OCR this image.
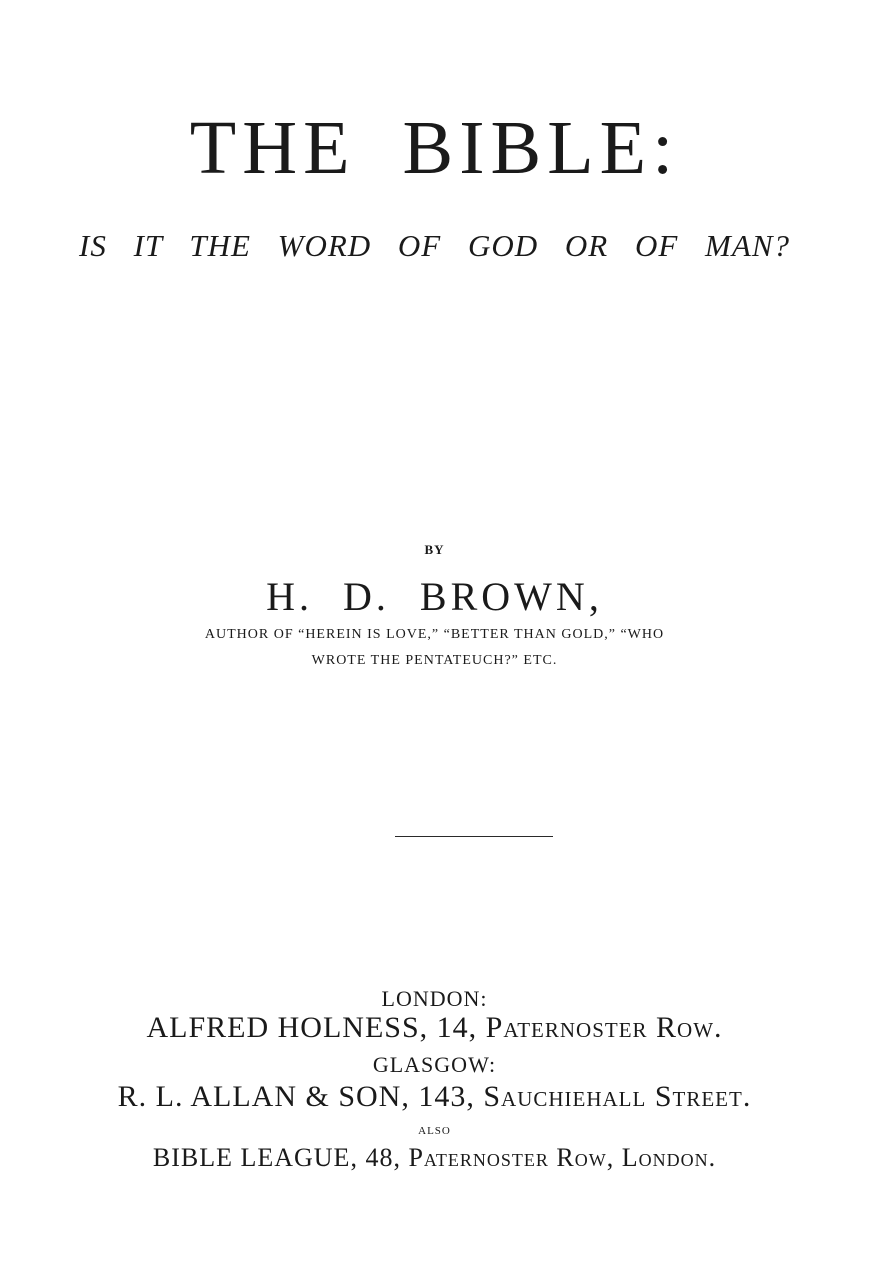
THE BIBLE:
IS IT THE WORD OF GOD OR OF MAN?
BY
H. D. BROWN,
AUTHOR OF “HEREIN IS LOVE,” “BETTER THAN GOLD,” “WHO
WROTE THE PENTATEUCH?” ETC.
LONDON:
ALFRED HOLNESS, 14, Paternoster Row.
GLASGOW:
R. L. ALLAN & SON, 143, Sauchiehall Street.
ALSO
BIBLE LEAGUE, 48, Paternoster Row, London.
